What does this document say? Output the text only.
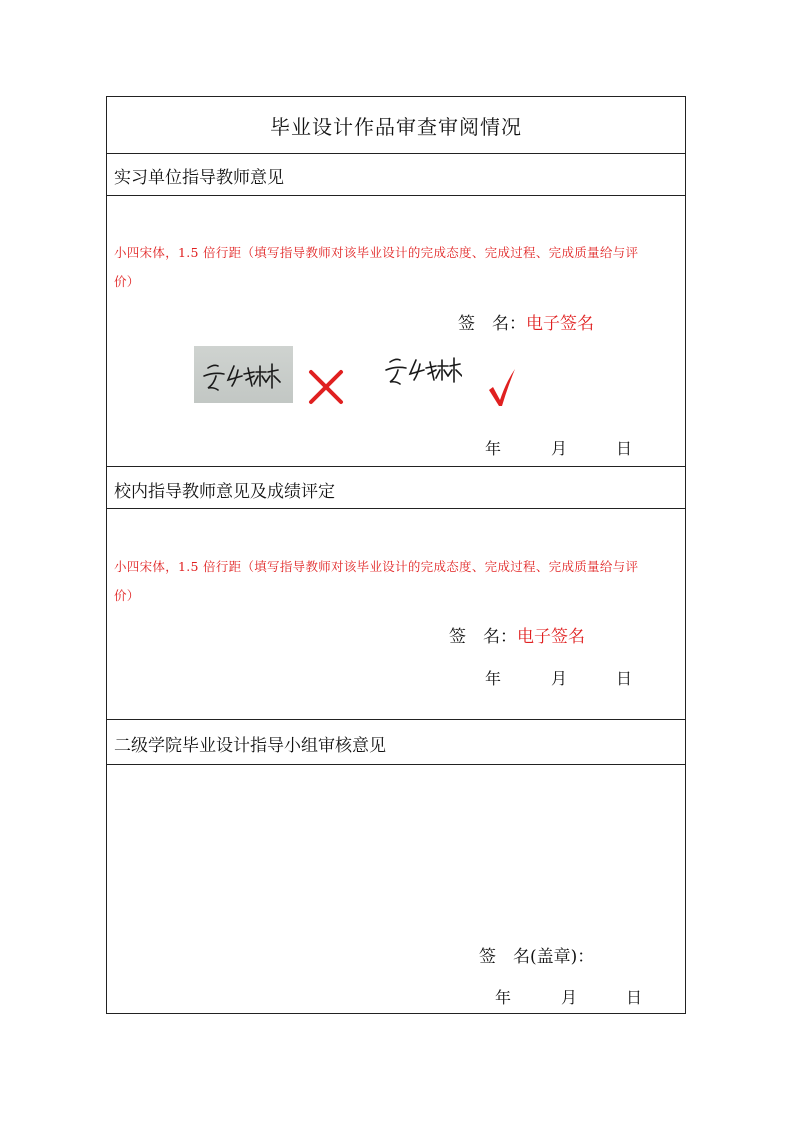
毕业设计作品审查审阅情况
实习单位指导教师意见
小四宋体，1.5 倍行距（填写指导教师对该毕业设计的完成态度、完成过程、完成质量给与评
价）
签　名：电子签名
年	月	日
校内指导教师意见及成绩评定
小四宋体，1.5 倍行距（填写指导教师对该毕业设计的完成态度、完成过程、完成质量给与评
价）
签　名：电子签名
年	月	日
二级学院毕业设计指导小组审核意见
签　名(盖章)：
年	月	日
